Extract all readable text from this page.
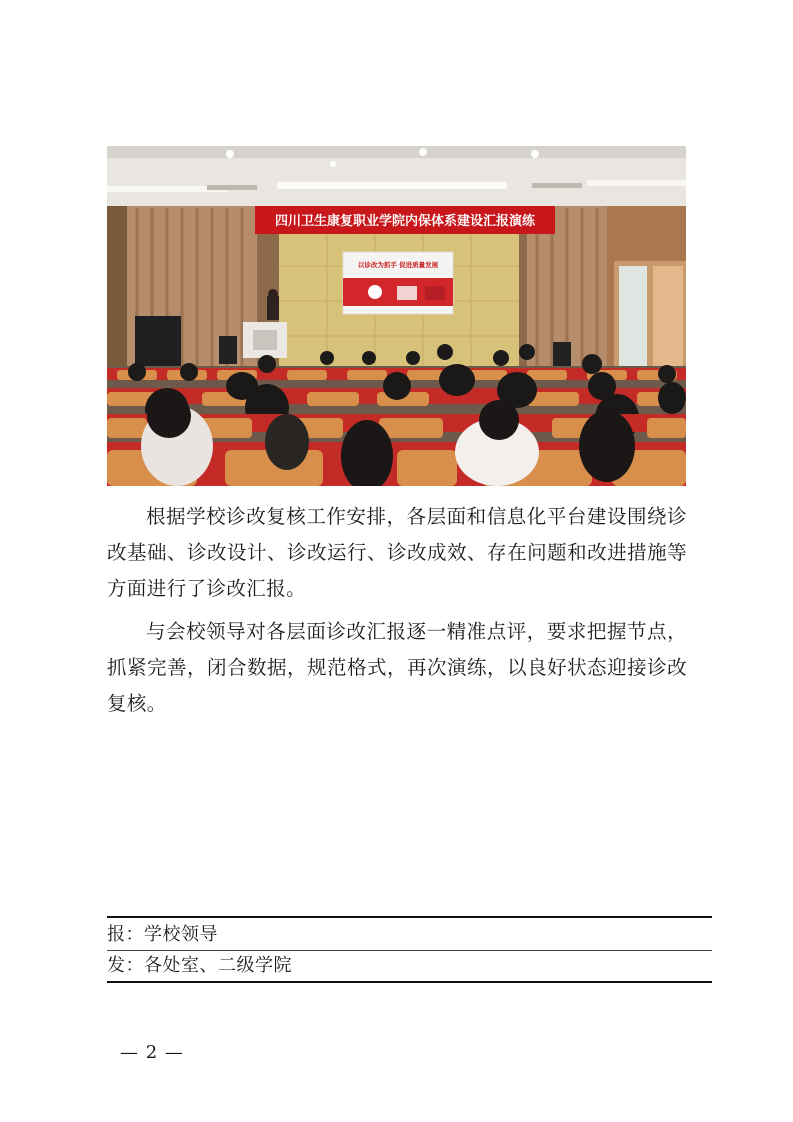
四川卫生康复职业学院内保体系建设汇报演练
以诊改为抓手 促进质量发展

根据学校诊改复核工作安排，各层面和信息化平台建设围绕诊改基础、诊改设计、诊改运行、诊改成效、存在问题和改进措施等方面进行了诊改汇报。

与会校领导对各层面诊改汇报逐一精准点评，要求把握节点，抓紧完善，闭合数据，规范格式，再次演练，以良好状态迎接诊改复核。

报：学校领导
发：各处室、二级学院
— 2 —
